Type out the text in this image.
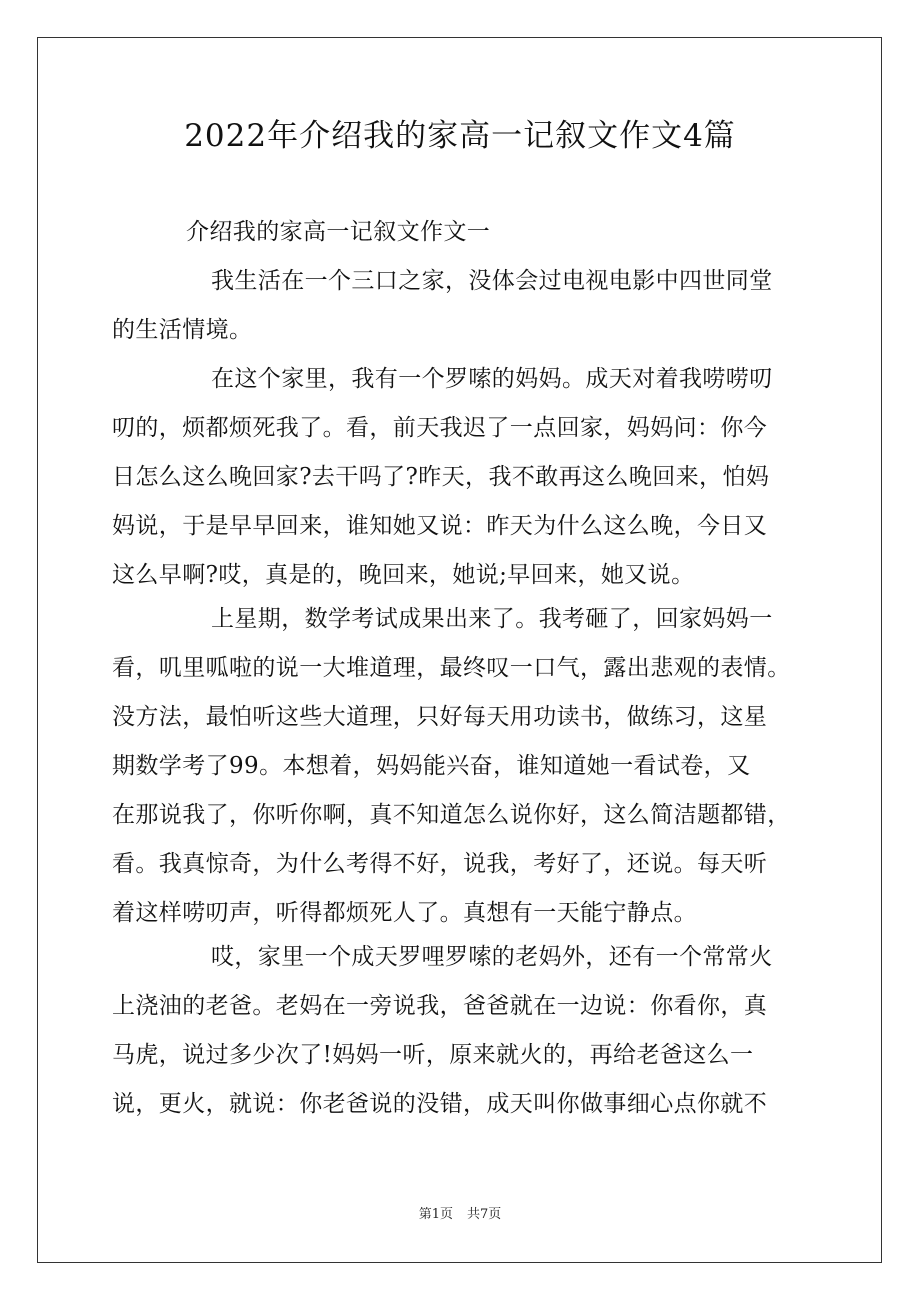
2022年介绍我的家高一记叙文作文4篇
介绍我的家高一记叙文作文一
我生活在一个三口之家，没体会过电视电影中四世同堂
的生活情境。
在这个家里，我有一个罗嗦的妈妈。成天对着我唠唠叨
叨的，烦都烦死我了。看，前天我迟了一点回家，妈妈问：你今
日怎么这么晚回家?去干吗了?昨天，我不敢再这么晚回来，怕妈
妈说，于是早早回来，谁知她又说：昨天为什么这么晚，今日又
这么早啊?哎，真是的，晚回来，她说;早回来，她又说。
上星期，数学考试成果出来了。我考砸了，回家妈妈一
看，叽里呱啦的说一大堆道理，最终叹一口气，露出悲观的表情。
没方法，最怕听这些大道理，只好每天用功读书，做练习，这星
期数学考了99。本想着，妈妈能兴奋，谁知道她一看试卷，又
在那说我了，你听你啊，真不知道怎么说你好，这么简洁题都错，
看。我真惊奇，为什么考得不好，说我，考好了，还说。每天听
着这样唠叨声，听得都烦死人了。真想有一天能宁静点。
哎，家里一个成天罗哩罗嗦的老妈外，还有一个常常火
上浇油的老爸。老妈在一旁说我，爸爸就在一边说：你看你，真
马虎，说过多少次了!妈妈一听，原来就火的，再给老爸这么一
说，更火，就说：你老爸说的没错，成天叫你做事细心点你就不
第1页 共7页
